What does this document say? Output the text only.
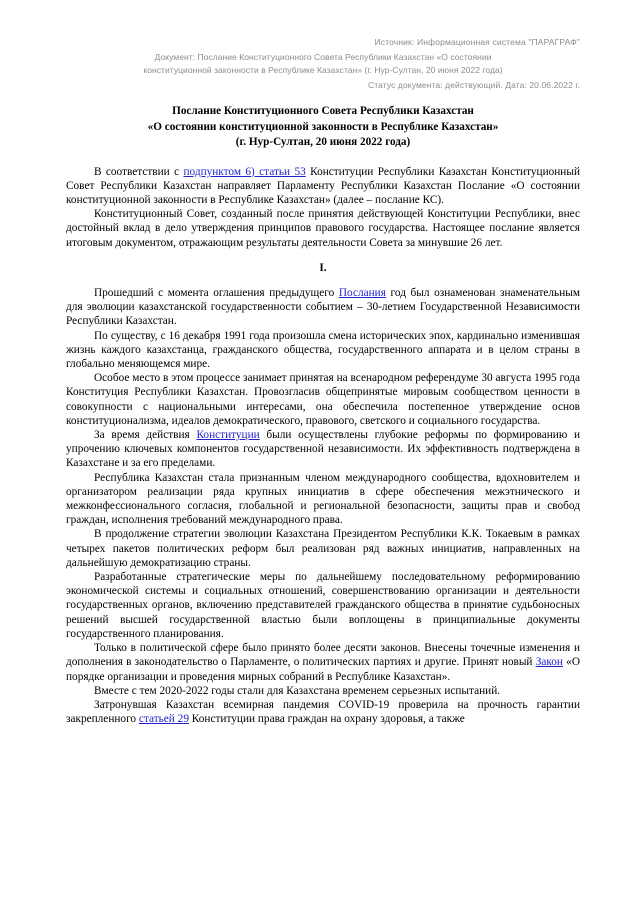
Источник: Информационная система "ПАРАГРАФ"
Документ: Послание Конституционного Совета Республики Казахстан «О состоянии
конституционной законности в Республике Казахстан» (г. Нур-Султан, 20 июня 2022 года)
Статус документа: действующий. Дата: 20.06.2022 г.
Послание Конституционного Совета Республики Казахстан
«О состоянии конституционной законности в Республике Казахстан»
(г. Нур-Султан, 20 июня 2022 года)

В соответствии с подпунктом 6) статьи 53 Конституции Республики Казахстан Конституционный Совет Республики Казахстан направляет Парламенту Республики Казахстан Послание «О состоянии конституционной законности в Республике Казахстан» (далее – послание КС).

Конституционный Совет, созданный после принятия действующей Конституции Республики, внес достойный вклад в дело утверждения принципов правового государства. Настоящее послание является итоговым документом, отражающим результаты деятельности Совета за минувшие 26 лет.

I.

Прошедший с момента оглашения предыдущего Послания год был ознаменован знаменательным для эволюции казахстанской государственности событием – 30-летием Государственной Независимости Республики Казахстан.

По существу, с 16 декабря 1991 года произошла смена исторических эпох, кардинально изменившая жизнь каждого казахстанца, гражданского общества, государственного аппарата и в целом страны в глобально меняющемся мире.

Особое место в этом процессе занимает принятая на всенародном референдуме 30 августа 1995 года Конституция Республики Казахстан. Провозгласив общепринятые мировым сообществом ценности в совокупности с национальными интересами, она обеспечила постепенное утверждение основ конституционализма, идеалов демократического, правового, светского и социального государства.

За время действия Конституции были осуществлены глубокие реформы по формированию и упрочению ключевых компонентов государственной независимости. Их эффективность подтверждена в Казахстане и за его пределами.

Республика Казахстан стала признанным членом международного сообщества, вдохновителем и организатором реализации ряда крупных инициатив в сфере обеспечения межэтнического и межконфессионального согласия, глобальной и региональной безопасности, защиты прав и свобод граждан, исполнения требований международного права.

В продолжение стратегии эволюции Казахстана Президентом Республики К.К. Токаевым в рамках четырех пакетов политических реформ был реализован ряд важных инициатив, направленных на дальнейшую демократизацию страны.

Разработанные стратегические меры по дальнейшему последовательному реформированию экономической системы и социальных отношений, совершенствованию организации и деятельности государственных органов, включению представителей гражданского общества в принятие судьбоносных решений высшей государственной властью были воплощены в принципиальные документы государственного планирования.

Только в политической сфере было принято более десяти законов. Внесены точечные изменения и дополнения в законодательство о Парламенте, о политических партиях и другие. Принят новый Закон «О порядке организации и проведения мирных собраний в Республике Казахстан».

Вместе с тем 2020-2022 годы стали для Казахстана временем серьезных испытаний.

Затронувшая Казахстан всемирная пандемия COVID-19 проверила на прочность гарантии закрепленного статьей 29 Конституции права граждан на охрану здоровья, а также
